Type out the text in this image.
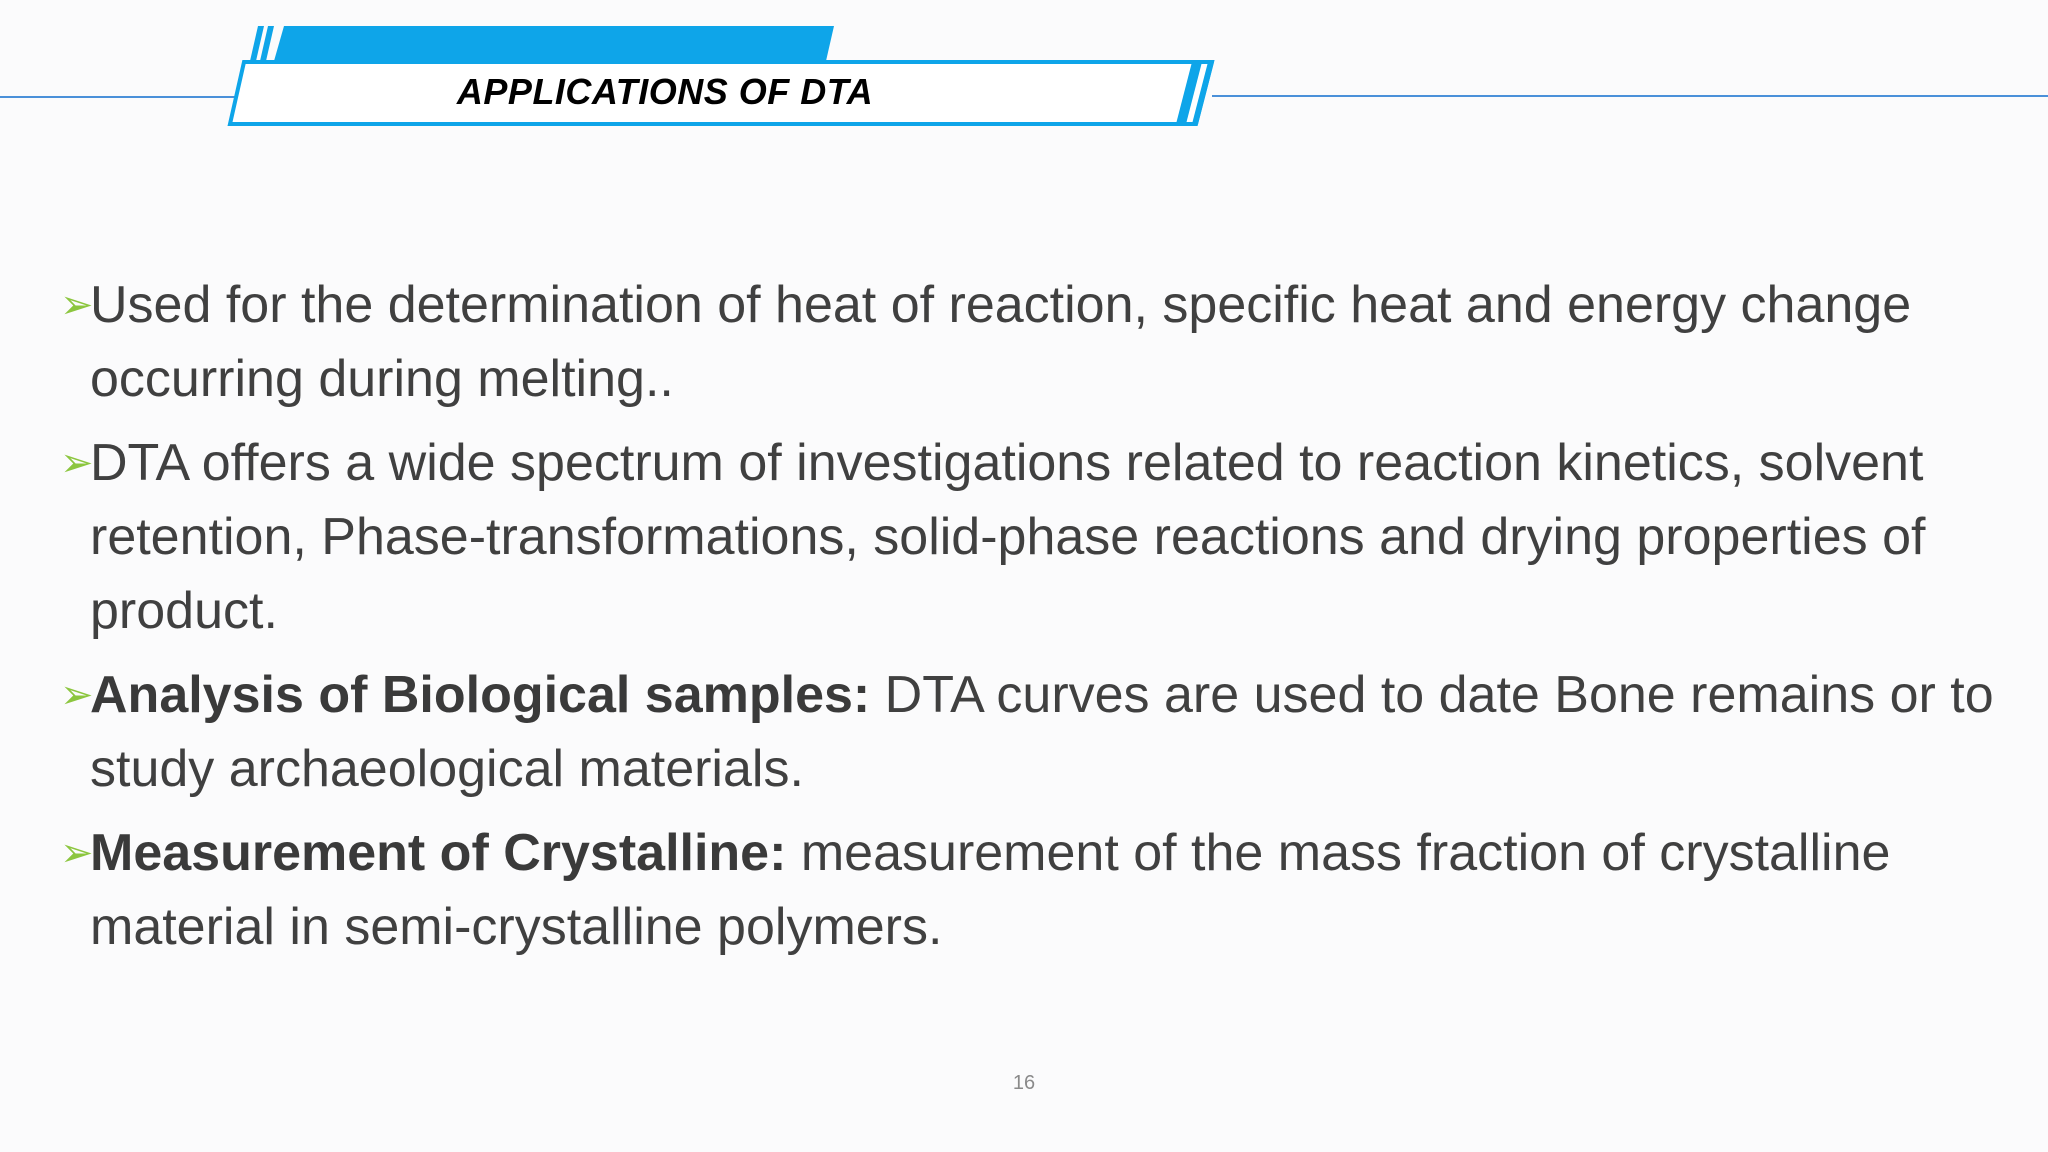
APPLICATIONS OF DTA
➢
Used for the determination of heat of reaction, specific heat and energy change occurring during melting..
➢
DTA offers a wide spectrum of investigations related to reaction kinetics, solvent retention, Phase-transformations, solid-phase reactions and drying properties of product.
➢
Analysis of Biological samples: DTA curves are used to date Bone remains or to study archaeological materials.
➢
Measurement of Crystalline: measurement of the mass fraction of crystalline material in semi-crystalline polymers.
16
